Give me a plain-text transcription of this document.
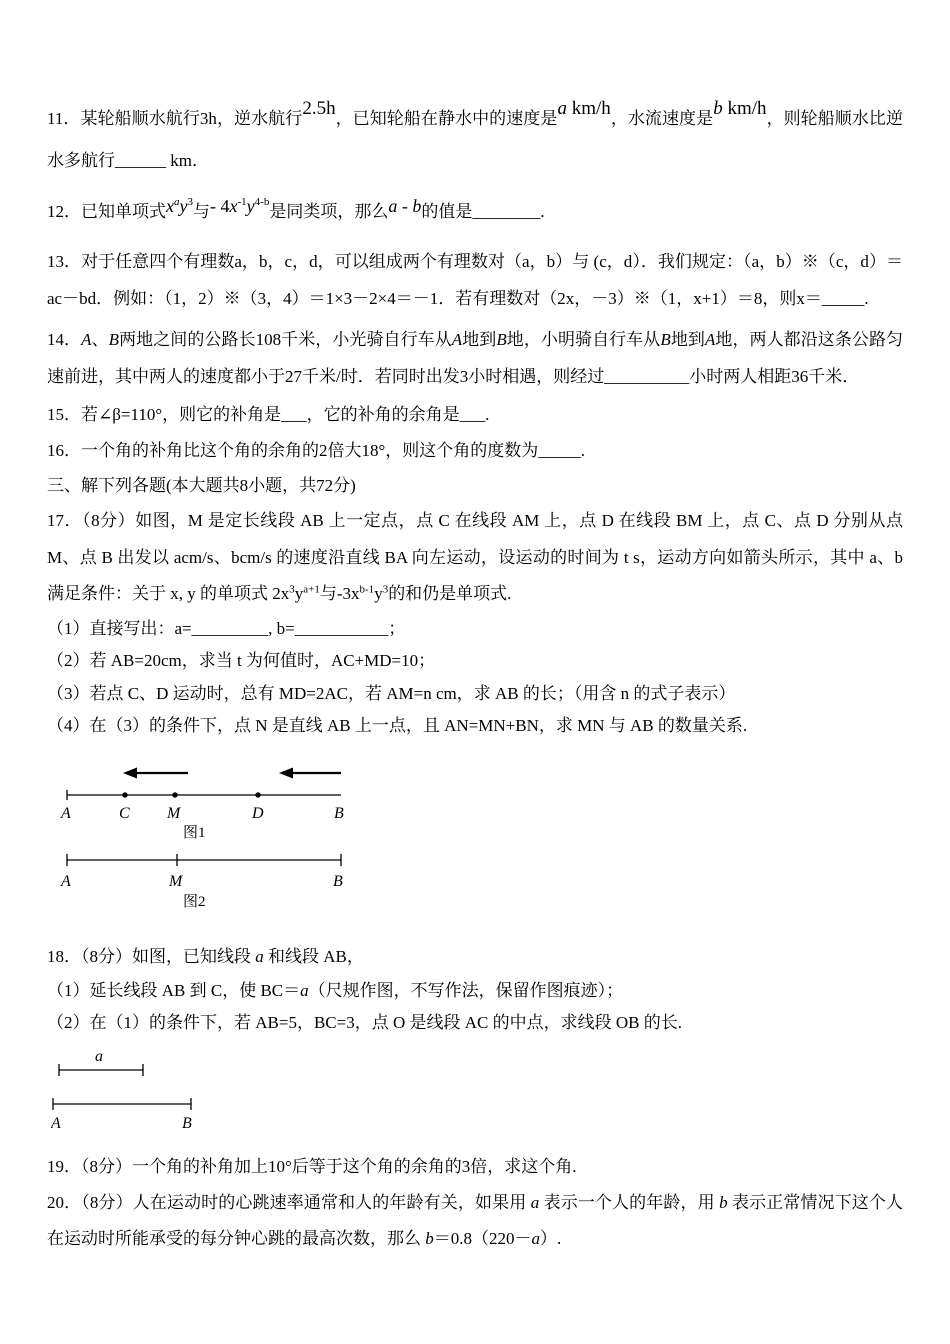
11．某轮船顺水航行3h，逆水航行2.5h，已知轮船在静水中的速度是a km/h，水流速度是b km/h，则轮船顺水比逆水多航行______ km．

12．已知单项式$x^ay^3$与- $4x^{-1}y^{4-b}$是同类项，那么a - b的值是________.

13．对于任意四个有理数a，b，c，d，可以组成两个有理数对（a，b）与 (c，d）．我们规定：（a，b）※（c，d）＝ac－bd．例如：（1，2）※（3，4）＝1×3－2×4＝－1．若有理数对（2x，－3）※（1，x+1）＝8，则x＝_____.

14．A、B两地之间的公路长108千米，小光骑自行车从A地到B地，小明骑自行车从B地到A地，两人都沿这条公路匀速前进，其中两人的速度都小于27千米/时．若同时出发3小时相遇，则经过__________小时两人相距36千米．

15．若∠β=110°，则它的补角是___，它的补角的余角是___.

16．一个角的补角比这个角的余角的2倍大18°，则这个角的度数为_____.

三、解下列各题(本大题共8小题，共72分)

17．（8分）如图，M 是定长线段 AB 上一定点，点 C 在线段 AM 上，点 D 在线段 BM 上，点 C、点 D 分别从点 M、点 B 出发以 acm/s、bcm/s 的速度沿直线 BA 向左运动，设运动的时间为 t s，运动方向如箭头所示，其中 a、b 满足条件：关于 x, y 的单项式 $2x^3y^{a+1}$与$-3x^{b-1}y^3$的和仍是单项式.

（1）直接写出：a=_________, b=___________；

（2）若 AB=20cm，求当 t 为何值时，AC+MD=10；

（3）若点 C、D 运动时，总有 MD=2AC，若 AM=n cm，求 AB 的长；（用含 n 的式子表示）

（4）在（3）的条件下，点 N 是直线 AB 上一点，且 AN=MN+BN，求 MN 与 AB 的数量关系.

A	C M	D	B
图1
A	M	B
图2

18．（8分）如图，已知线段 a 和线段 AB，

（1）延长线段 AB 到 C，使 BC＝a（尺规作图，不写作法，保留作图痕迹）；

（2）在（1）的条件下，若 AB=5，BC=3，点 O 是线段 AC 的中点，求线段 OB 的长.

a
A	B

19．（8分）一个角的补角加上10°后等于这个角的余角的3倍，求这个角.

20．（8分）人在运动时的心跳速率通常和人的年龄有关，如果用 a 表示一个人的年龄，用 b 表示正常情况下这个人在运动时所能承受的每分钟心跳的最高次数，那么 b＝0.8（220－a）.
